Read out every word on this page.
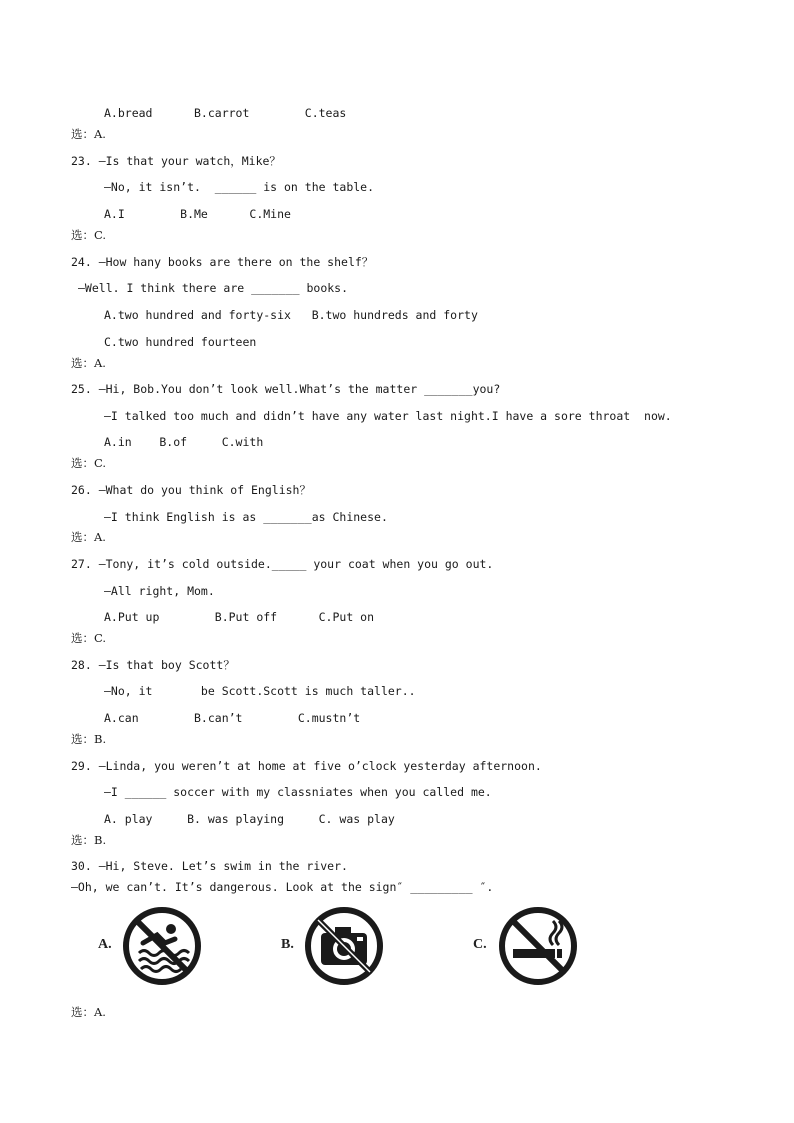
A.bread      B.carrot        C.teas
选：A.
23. —Is that your watch，Mike？
—No, it isn’t.  ______ is on the table.
A.I        B.Me      C.Mine
选：C.
24. —How hany books are there on the shelf？
—Well. I think there are _______ books.
A.two hundred and forty-six   B.two hundreds and forty
C.two hundred fourteen
选：A.
25. —Hi, Bob.You don’t look well.What’s the matter _______you?
—I talked too much and didn’t have any water last night.I have a sore throat  now.
A.in    B.of     C.with
选：C.
26. —What do you think of English？
—I think English is as _______as Chinese.
选：A.
27. —Tony, it’s cold outside._____ your coat when you go out.
—All right, Mom.
A.Put up        B.Put off      C.Put on
选：C.
28. —Is that boy Scott？
—No, it       be Scott.Scott is much taller..
A.can        B.can’t        C.mustn’t
选：B.
29. —Linda, you weren’t at home at five o’clock yesterday afternoon.
—I ______ soccer with my classniates when you called me.
A. play     B. was playing     C. was play
选：B.
30. —Hi, Steve. Let’s swim in the river.
—Oh, we can’t. It’s dangerous. Look at the sign″ _________ ″.
A.	B.	C.
选：A.
